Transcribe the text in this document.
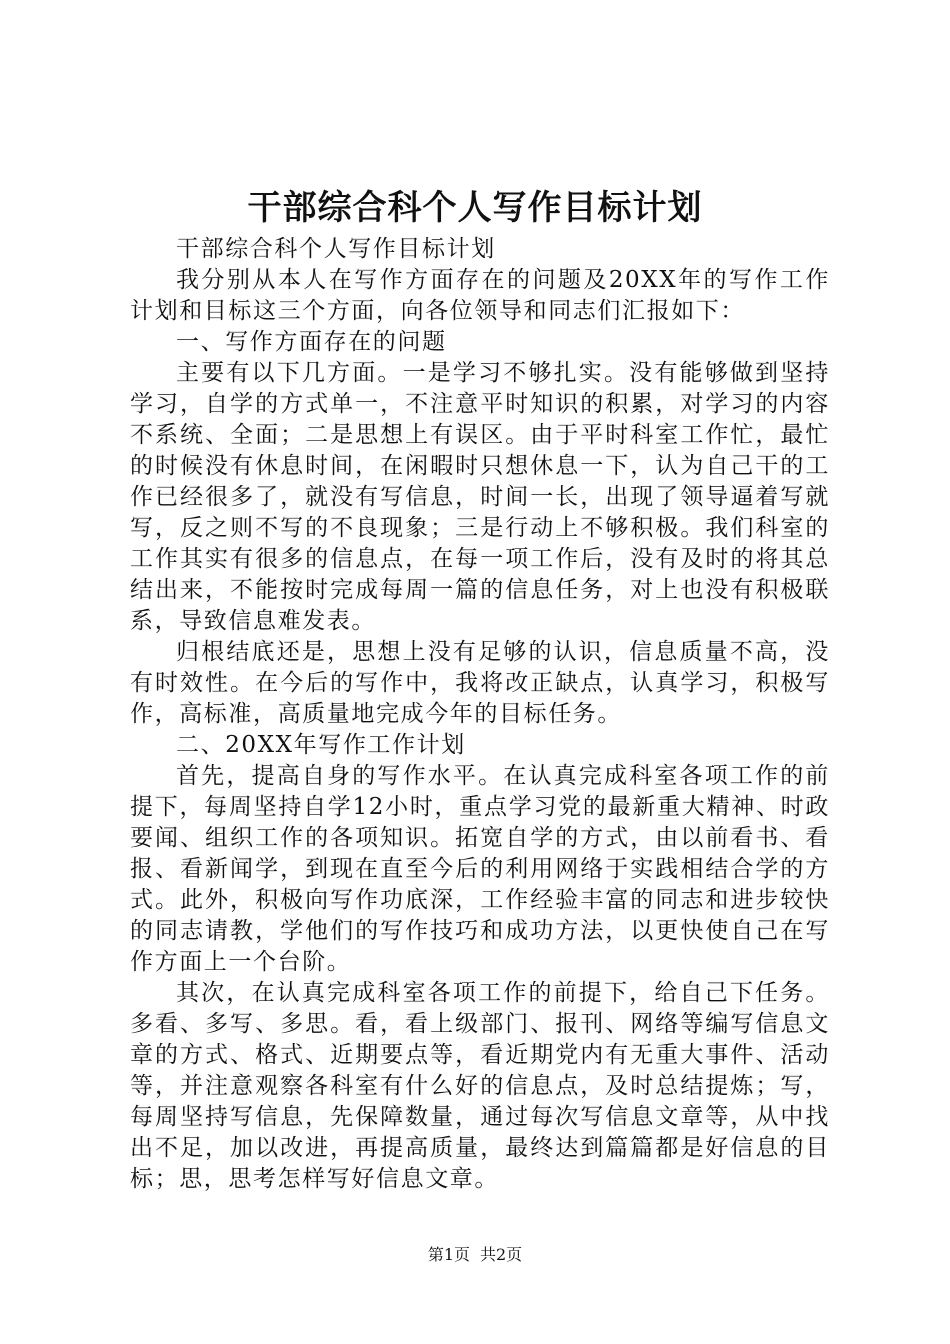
干部综合科个人写作目标计划

干部综合科个人写作目标计划

我分别从本人在写作方面存在的问题及20XX年的写作工作计划和目标这三个方面，向各位领导和同志们汇报如下：

一、写作方面存在的问题

主要有以下几方面。一是学习不够扎实。没有能够做到坚持学习，自学的方式单一，不注意平时知识的积累，对学习的内容不系统、全面；二是思想上有误区。由于平时科室工作忙，最忙的时候没有休息时间，在闲暇时只想休息一下，认为自己干的工作已经很多了，就没有写信息，时间一长，出现了领导逼着写就写，反之则不写的不良现象；三是行动上不够积极。我们科室的工作其实有很多的信息点，在每一项工作后，没有及时的将其总结出来，不能按时完成每周一篇的信息任务，对上也没有积极联系，导致信息难发表。

归根结底还是，思想上没有足够的认识，信息质量不高，没有时效性。在今后的写作中，我将改正缺点，认真学习，积极写作，高标准，高质量地完成今年的目标任务。

二、20XX年写作工作计划

首先，提高自身的写作水平。在认真完成科室各项工作的前提下，每周坚持自学12小时，重点学习党的最新重大精神、时政要闻、组织工作的各项知识。拓宽自学的方式，由以前看书、看报、看新闻学，到现在直至今后的利用网络于实践相结合学的方式。此外，积极向写作功底深，工作经验丰富的同志和进步较快的同志请教，学他们的写作技巧和成功方法，以更快使自己在写作方面上一个台阶。

其次，在认真完成科室各项工作的前提下，给自己下任务。多看、多写、多思。看，看上级部门、报刊、网络等编写信息文章的方式、格式、近期要点等，看近期党内有无重大事件、活动等，并注意观察各科室有什么好的信息点，及时总结提炼；写，每周坚持写信息，先保障数量，通过每次写信息文章等，从中找出不足，加以改进，再提高质量，最终达到篇篇都是好信息的目标；思，思考怎样写好信息文章。

第1页 共2页
